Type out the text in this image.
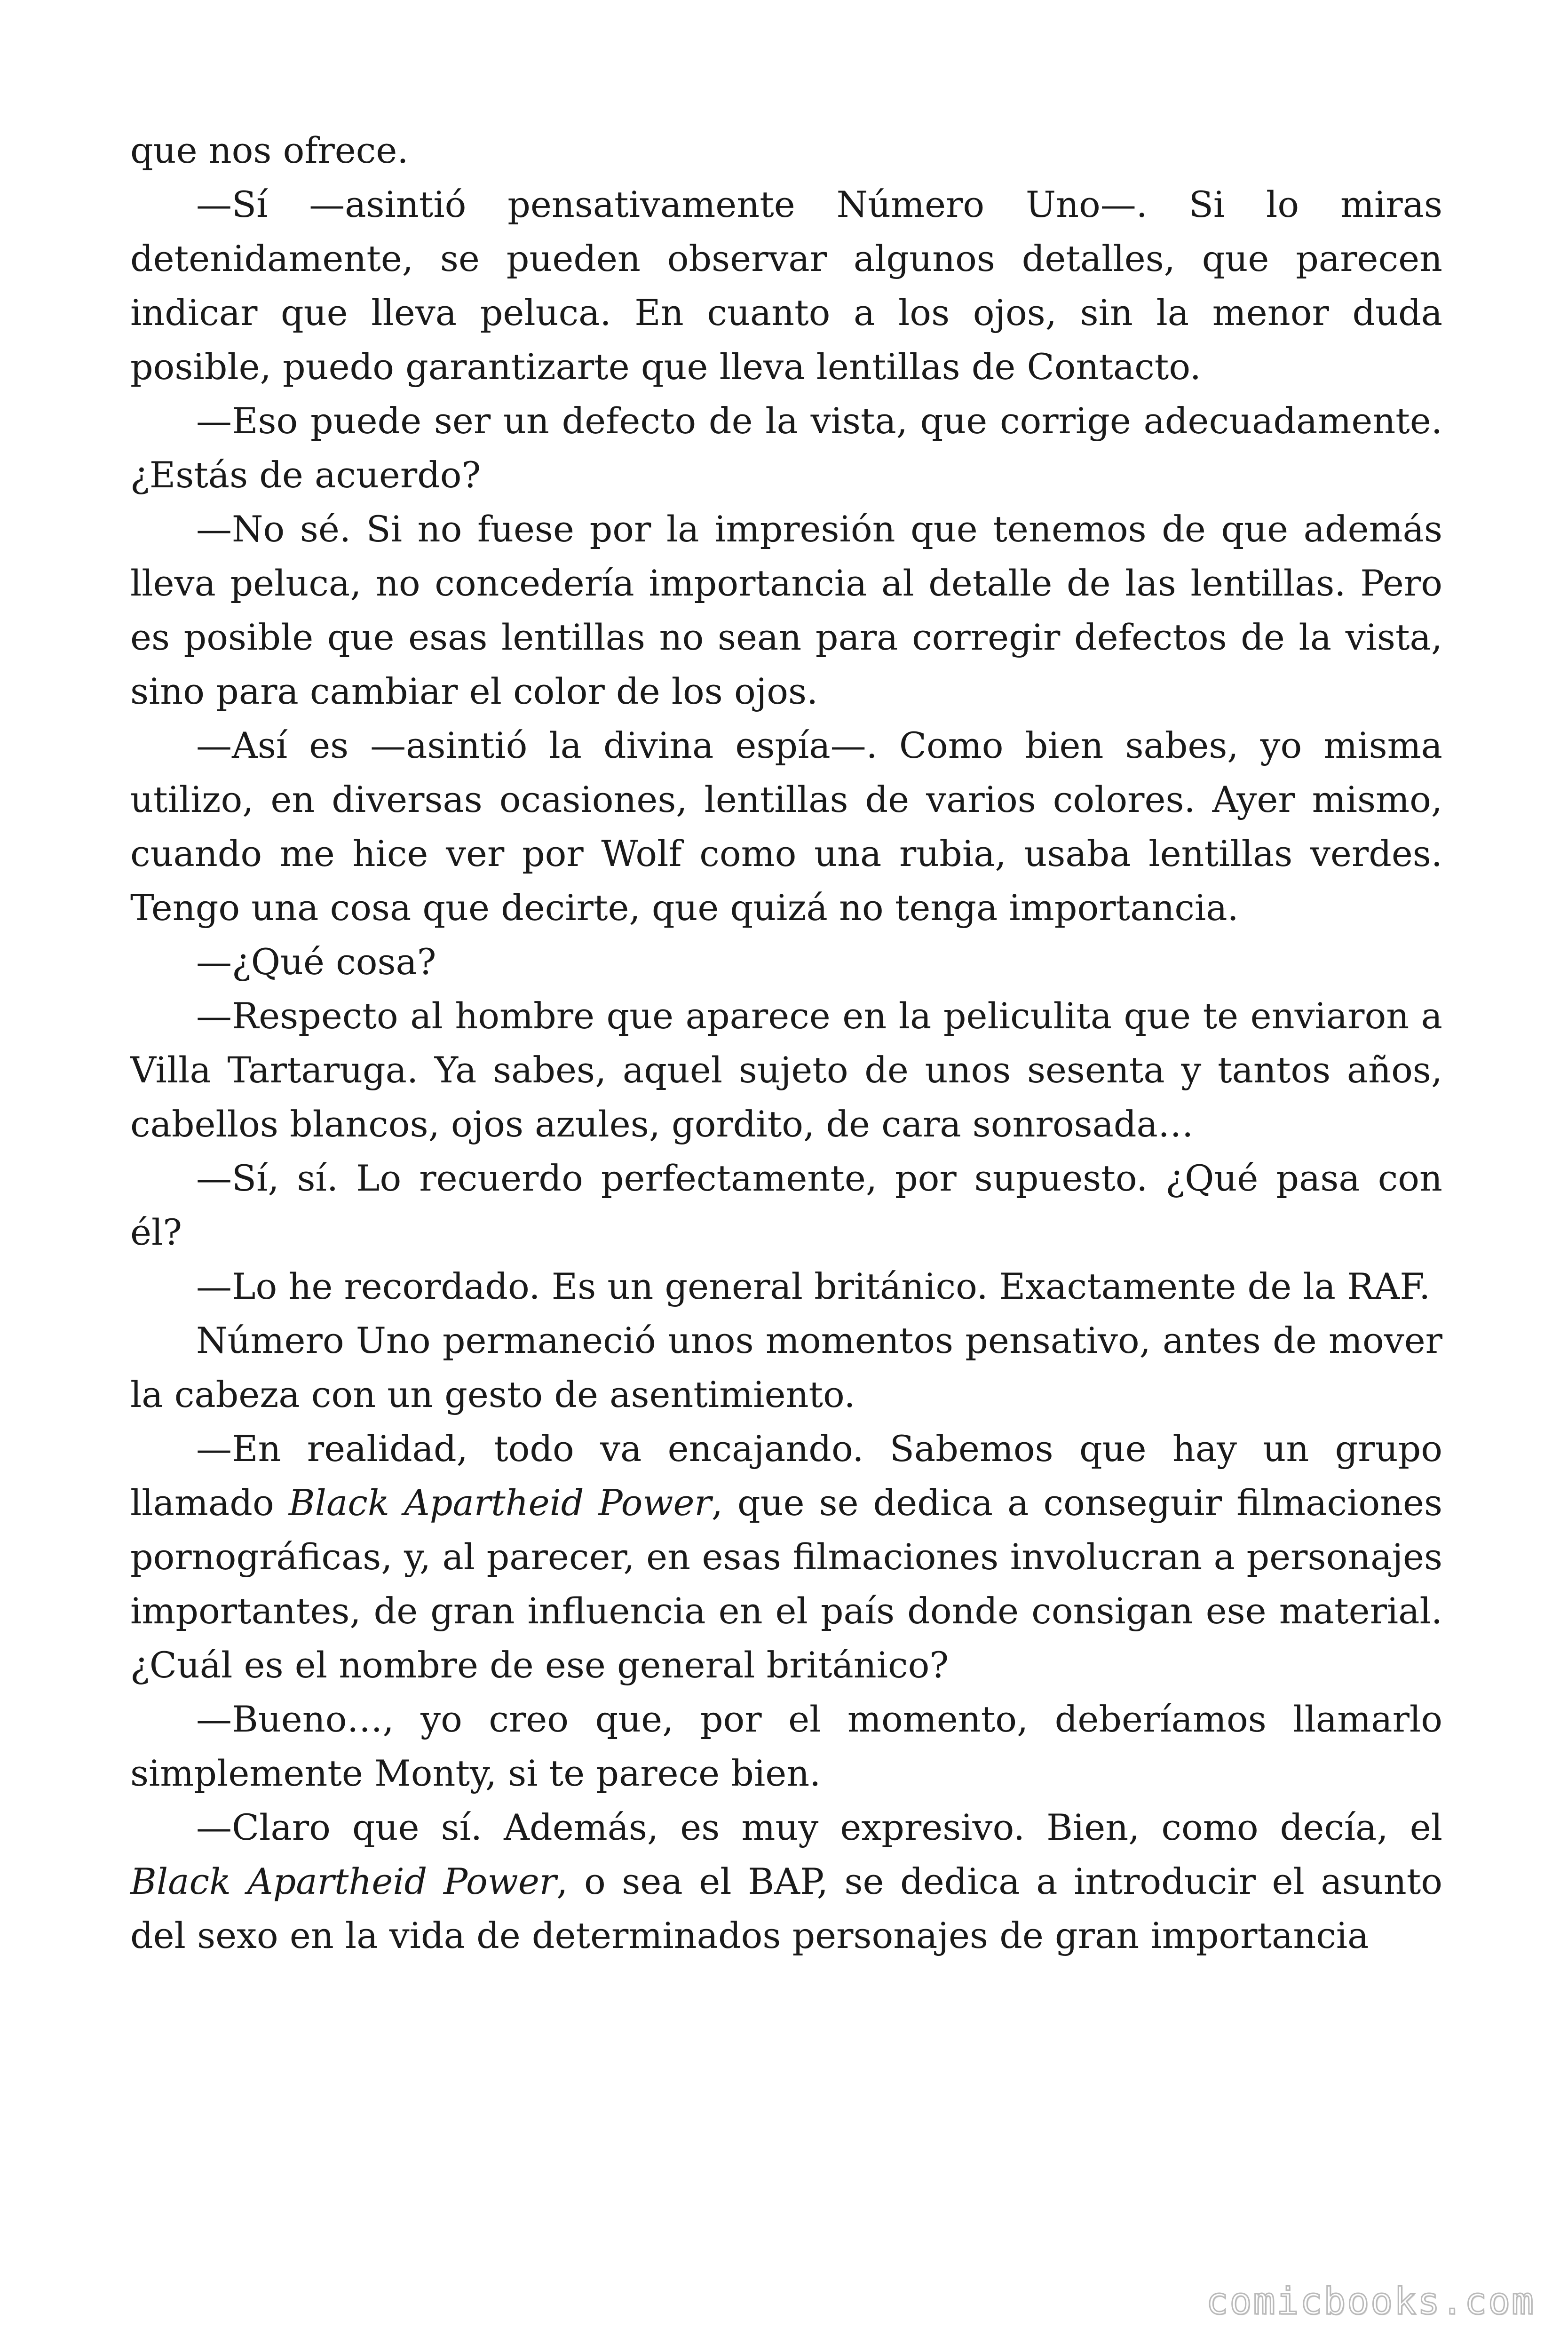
que nos ofrece.

—Sí —asintió pensativamente Número Uno—. Si lo miras detenidamente, se pueden observar algunos detalles, que parecen indicar que lleva peluca. En cuanto a los ojos, sin la menor duda posible, puedo garantizarte que lleva lentillas de Contacto.

—Eso puede ser un defecto de la vista, que corrige adecuadamente. ¿Estás de acuerdo?

—No sé. Si no fuese por la impresión que tenemos de que además lleva peluca, no concedería importancia al detalle de las lentillas. Pero es posible que esas lentillas no sean para corregir defectos de la vista, sino para cambiar el color de los ojos.

—Así es —asintió la divina espía—. Como bien sabes, yo misma utilizo, en diversas ocasiones, lentillas de varios colores. Ayer mismo, cuando me hice ver por Wolf como una rubia, usaba lentillas verdes. Tengo una cosa que decirte, que quizá no tenga importancia.

—¿Qué cosa?

—Respecto al hombre que aparece en la peliculita que te enviaron a Villa Tartaruga. Ya sabes, aquel sujeto de unos sesenta y tantos años, cabellos blancos, ojos azules, gordito, de cara sonrosada…

—Sí, sí. Lo recuerdo perfectamente, por supuesto. ¿Qué pasa con él?

—Lo he recordado. Es un general británico. Exactamente de la RAF.

Número Uno permaneció unos momentos pensativo, antes de mover la cabeza con un gesto de asentimiento.

—En realidad, todo va encajando. Sabemos que hay un grupo llamado Black Apartheid Power, que se dedica a conseguir filmaciones pornográficas, y, al parecer, en esas filmaciones involucran a personajes importantes, de gran influencia en el país donde consigan ese material. ¿Cuál es el nombre de ese general británico?

—Bueno…, yo creo que, por el momento, deberíamos llamarlo simplemente Monty, si te parece bien.

—Claro que sí. Además, es muy expresivo. Bien, como decía, el Black Apartheid Power, o sea el BAP, se dedica a introducir el asunto del sexo en la vida de determinados personajes de gran importancia

comicbooks.com
